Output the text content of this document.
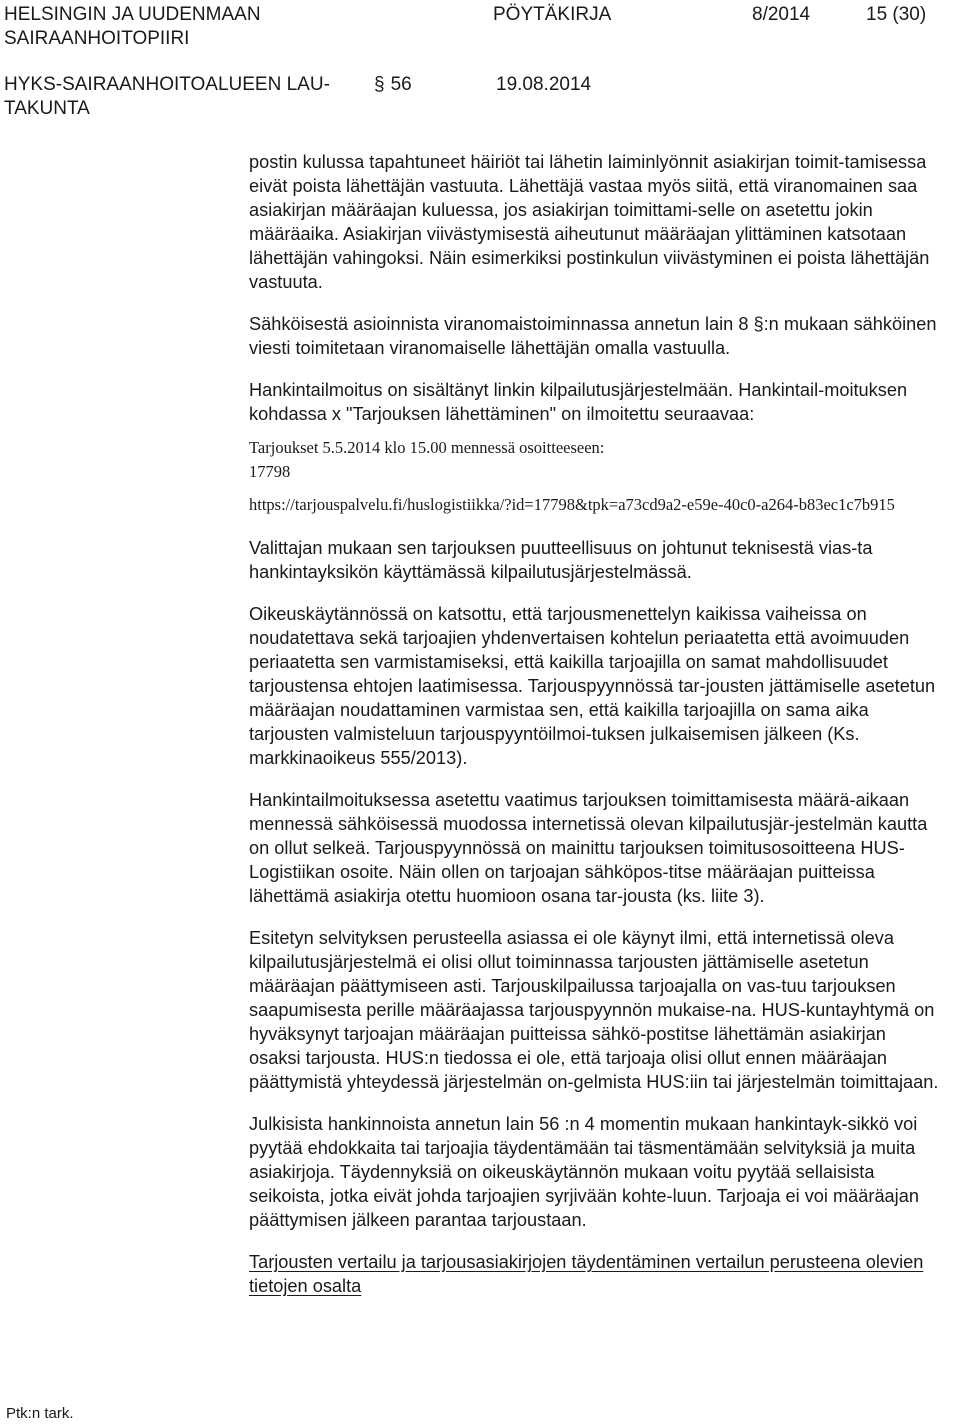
HELSINGIN JA UUDENMAAN
SAIRAANHOITOPIIRI
PÖYTÄKIRJA	8/2014	15 (30)
HYKS-SAIRAANHOITOALUEEN LAU-
TAKUNTA
§ 56	19.08.2014

postin kulussa tapahtuneet häiriöt tai lähetin laiminlyönnit asiakirjan toimit-tamisessa eivät poista lähettäjän vastuuta. Lähettäjä vastaa myös siitä, että viranomainen saa asiakirjan määräajan kuluessa, jos asiakirjan toimittami-selle on asetettu jokin määräaika. Asiakirjan viivästymisestä aiheutunut määräajan ylittäminen katsotaan lähettäjän vahingoksi. Näin esimerkiksi postinkulun viivästyminen ei poista lähettäjän vastuuta.

Sähköisestä asioinnista viranomaistoiminnassa annetun lain 8 §:n mukaan sähköinen viesti toimitetaan viranomaiselle lähettäjän omalla vastuulla.

Hankintailmoitus on sisältänyt linkin kilpailutusjärjestelmään. Hankintail-moituksen kohdassa x "Tarjouksen lähettäminen" on ilmoitettu seuraavaa:

Tarjoukset 5.5.2014 klo 15.00 mennessä osoitteeseen:

17798

https://tarjouspalvelu.fi/huslogistiikka/?id=17798&tpk=a73cd9a2-e59e-40c0-a264-b83ec1c7b915

Valittajan mukaan sen tarjouksen puutteellisuus on johtunut teknisestä vias-ta hankintayksikön käyttämässä kilpailutusjärjestelmässä.

Oikeuskäytännössä on katsottu, että tarjousmenettelyn kaikissa vaiheissa on noudatettava sekä tarjoajien yhdenvertaisen kohtelun periaatetta että avoimuuden periaatetta sen varmistamiseksi, että kaikilla tarjoajilla on samat mahdollisuudet tarjoustensa ehtojen laatimisessa. Tarjouspyynnössä tar-jousten jättämiselle asetetun määräajan noudattaminen varmistaa sen, että kaikilla tarjoajilla on sama aika tarjousten valmisteluun tarjouspyyntöilmoi-tuksen julkaisemisen jälkeen (Ks. markkinaoikeus 555/2013).

Hankintailmoituksessa asetettu vaatimus tarjouksen toimittamisesta määrä-aikaan mennessä sähköisessä muodossa internetissä olevan kilpailutusjär-jestelmän kautta on ollut selkeä. Tarjouspyynnössä on mainittu tarjouksen toimitusosoitteena HUS-Logistiikan osoite. Näin ollen on tarjoajan sähköpos-titse määräajan puitteissa lähettämä asiakirja otettu huomioon osana tar-jousta (ks. liite 3).

Esitetyn selvityksen perusteella asiassa ei ole käynyt ilmi, että internetissä oleva kilpailutusjärjestelmä ei olisi ollut toiminnassa tarjousten jättämiselle asetetun määräajan päättymiseen asti. Tarjouskilpailussa tarjoajalla on vas-tuu tarjouksen saapumisesta perille määräajassa tarjouspyynnön mukaise-na. HUS-kuntayhtymä on hyväksynyt tarjoajan määräajan puitteissa sähkö-postitse lähettämän asiakirjan osaksi tarjousta. HUS:n tiedossa ei ole, että tarjoaja olisi ollut ennen määräajan päättymistä yhteydessä järjestelmän on-gelmista HUS:iin tai järjestelmän toimittajaan.

Julkisista hankinnoista annetun lain 56 :n 4 momentin mukaan hankintayk-sikkö voi pyytää ehdokkaita tai tarjoajia täydentämään tai täsmentämään selvityksiä ja muita asiakirjoja. Täydennyksiä on oikeuskäytännön mukaan voitu pyytää sellaisista seikoista, jotka eivät johda tarjoajien syrjivään kohte-luun. Tarjoaja ei voi määräajan päättymisen jälkeen parantaa tarjoustaan.

Tarjousten vertailu ja tarjousasiakirjojen täydentäminen vertailun perusteena olevien tietojen osalta

Ptk:n tark.
